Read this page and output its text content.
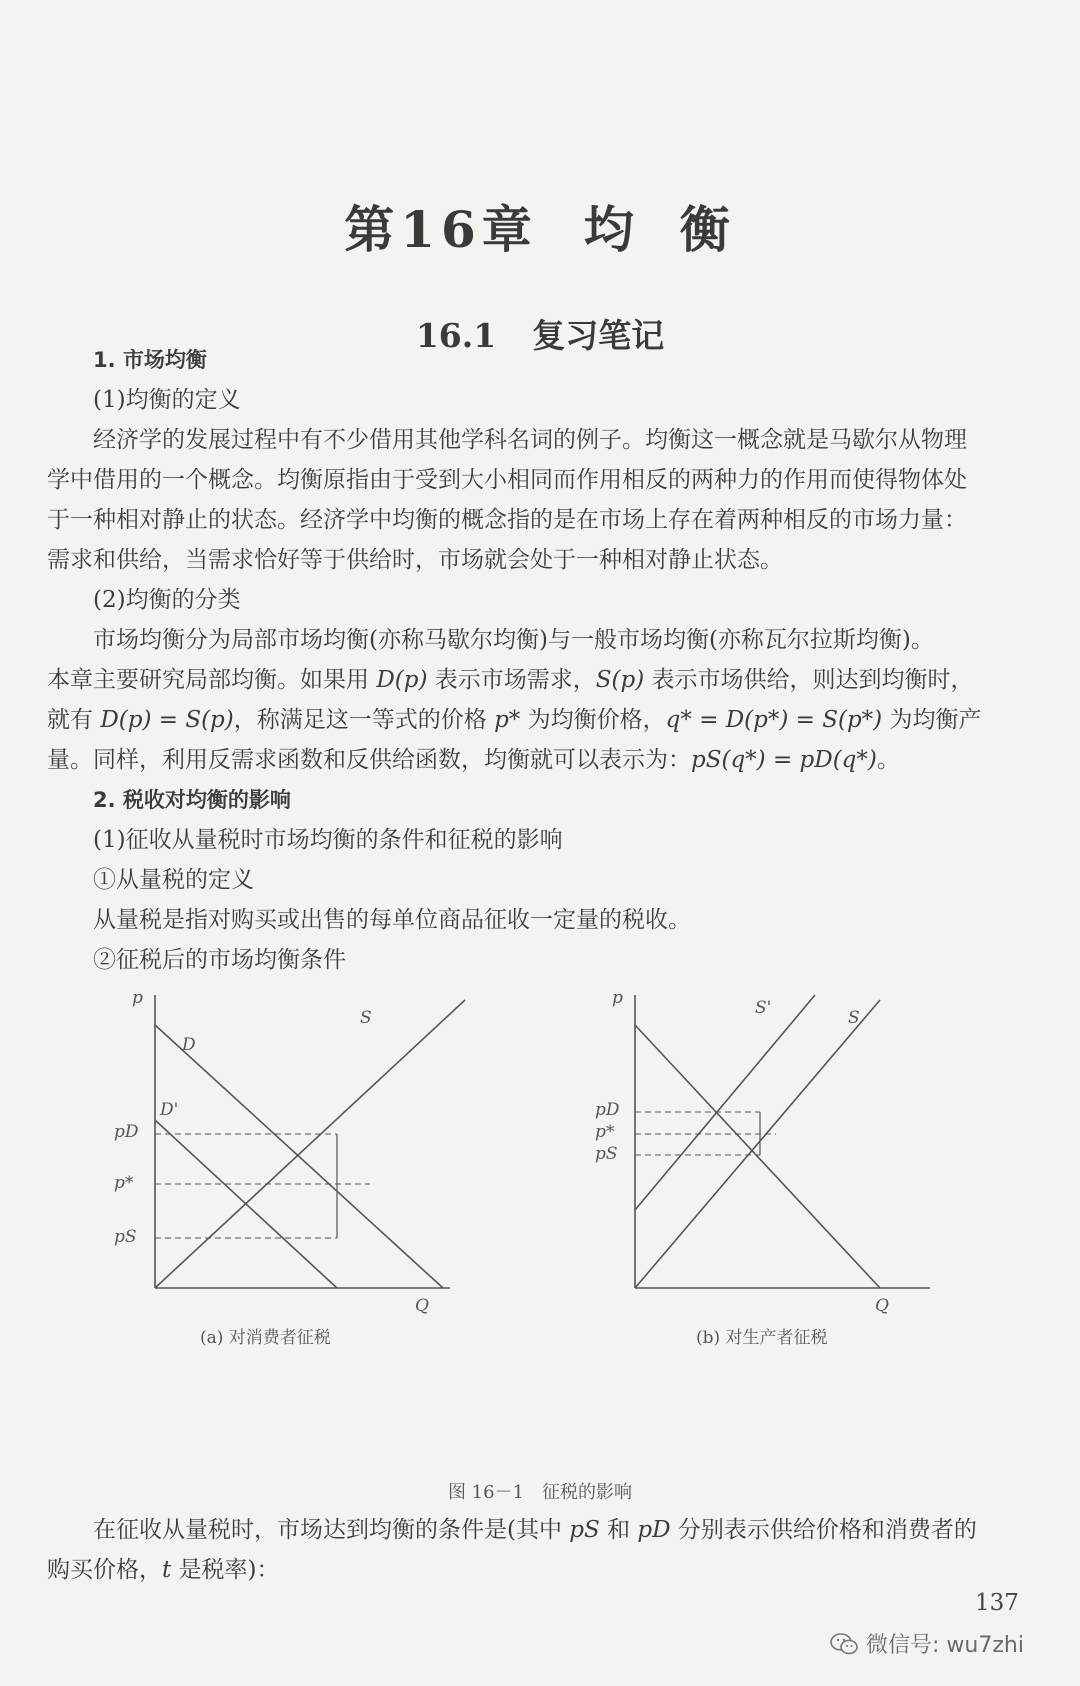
第16章 均 衡
16.1 复习笔记
1. 市场均衡
(1)均衡的定义
经济学的发展过程中有不少借用其他学科名词的例子。均衡这一概念就是马歇尔从物理
学中借用的一个概念。均衡原指由于受到大小相同而作用相反的两种力的作用而使得物体处
于一种相对静止的状态。经济学中均衡的概念指的是在市场上存在着两种相反的市场力量：
需求和供给，当需求恰好等于供给时，市场就会处于一种相对静止状态。
(2)均衡的分类
市场均衡分为局部市场均衡(亦称马歇尔均衡)与一般市场均衡(亦称瓦尔拉斯均衡)。
本章主要研究局部均衡。如果用 D(p) 表示市场需求，S(p) 表示市场供给，则达到均衡时，
就有 D(p) = S(p)，称满足这一等式的价格 p* 为均衡价格，q* = D(p*) = S(p*) 为均衡产
量。同样，利用反需求函数和反供给函数，均衡就可以表示为：pS(q*) = pD(q*)。
2. 税收对均衡的影响
(1)征收从量税时市场均衡的条件和征税的影响
①从量税的定义
从量税是指对购买或出售的每单位商品征收一定量的税收。
②征税后的市场均衡条件
p
Q
D
D'
S
pD
p*
pS
(a) 对消费者征税
p
Q
S'	S
pD
p*
pS
(b) 对生产者征税
图 16－1　征税的影响
在征收从量税时，市场达到均衡的条件是(其中 pS 和 pD 分别表示供给价格和消费者的
购买价格，t 是税率)：
137
微信号: wu7zhi
